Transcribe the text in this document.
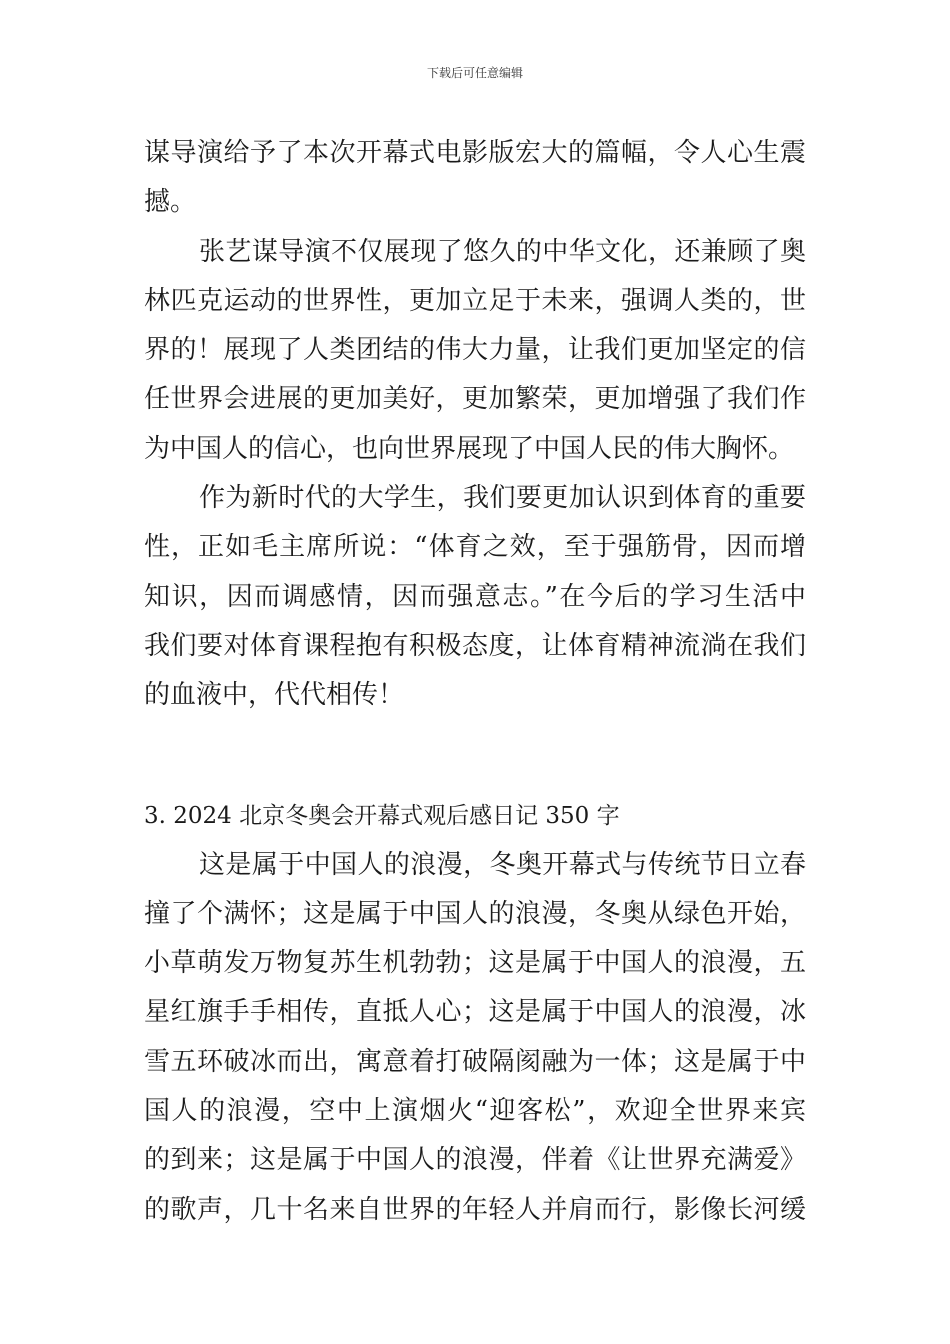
下载后可任意编辑
谋导演给予了本次开幕式电影版宏大的篇幅，令人心生震
撼。
张艺谋导演不仅展现了悠久的中华文化，还兼顾了奥
林匹克运动的世界性，更加立足于未来，强调人类的，世
界的！展现了人类团结的伟大力量，让我们更加坚定的信
任世界会进展的更加美好，更加繁荣，更加增强了我们作
为中国人的信心，也向世界展现了中国人民的伟大胸怀。
作为新时代的大学生，我们要更加认识到体育的重要
性，正如毛主席所说：“体育之效，至于强筋骨，因而增
知识，因而调感情，因而强意志。”在今后的学习生活中
我们要对体育课程抱有积极态度，让体育精神流淌在我们
的血液中，代代相传！
3. 2024 北京冬奥会开幕式观后感日记 350 字
这是属于中国人的浪漫，冬奥开幕式与传统节日立春
撞了个满怀；这是属于中国人的浪漫，冬奥从绿色开始，
小草萌发万物复苏生机勃勃；这是属于中国人的浪漫，五
星红旗手手相传，直抵人心；这是属于中国人的浪漫，冰
雪五环破冰而出，寓意着打破隔阂融为一体；这是属于中
国人的浪漫，空中上演烟火“迎客松”，欢迎全世界来宾
的到来；这是属于中国人的浪漫，伴着《让世界充满爱》
的歌声，几十名来自世界的年轻人并肩而行，影像长河缓
